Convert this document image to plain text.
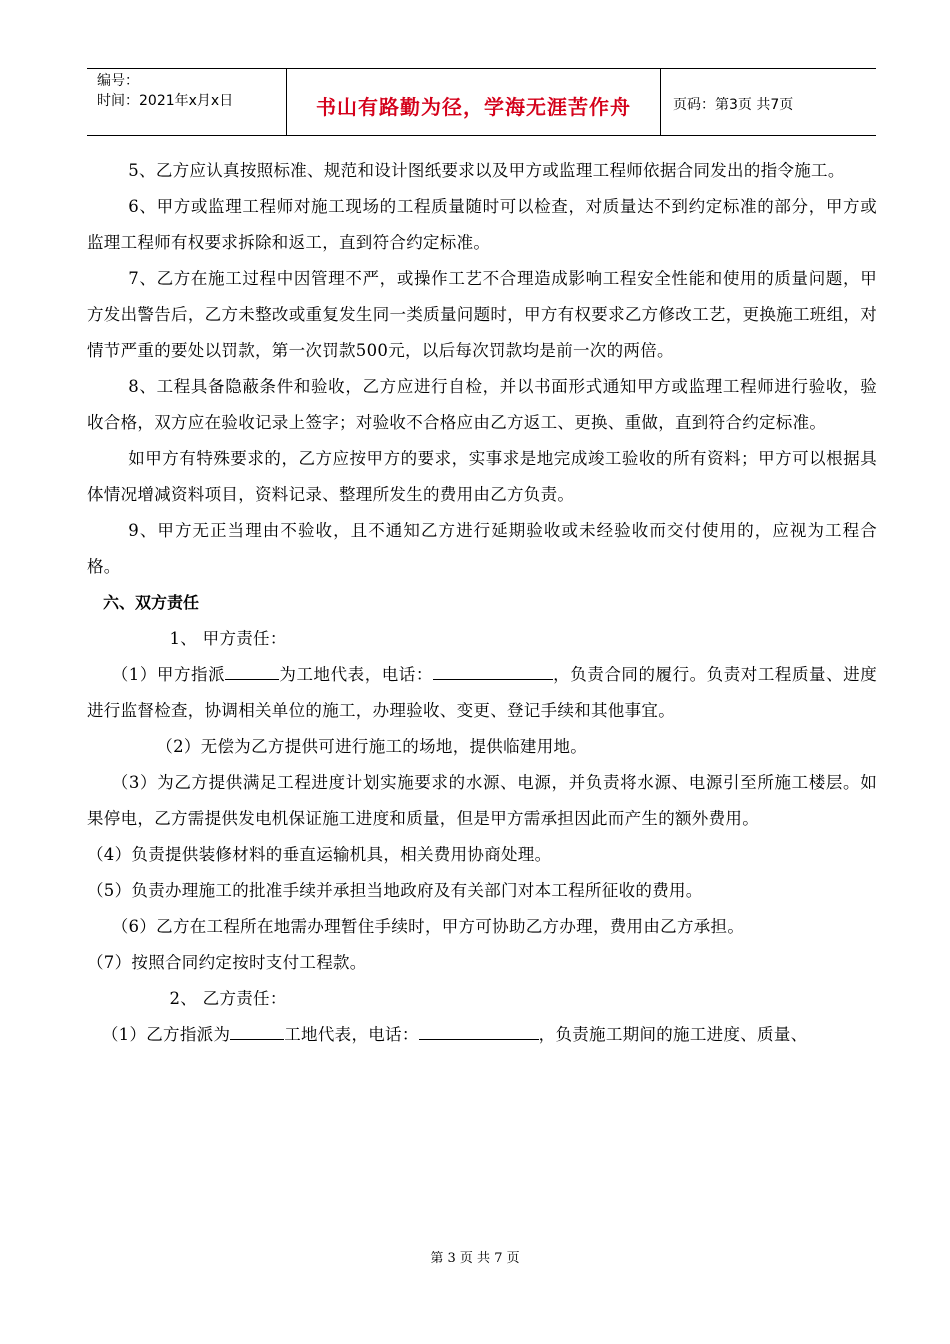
编号：
时间：2021年x月x日	书山有路勤为径，学海无涯苦作舟	页码：第3页 共7页

5、乙方应认真按照标准、规范和设计图纸要求以及甲方或监理工程师依据合同发出的指令施工。

6、甲方或监理工程师对施工现场的工程质量随时可以检查，对质量达不到约定标准的部分，甲方或监理工程师有权要求拆除和返工，直到符合约定标准。

7、乙方在施工过程中因管理不严，或操作工艺不合理造成影响工程安全性能和使用的质量问题，甲方发出警告后，乙方未整改或重复发生同一类质量问题时，甲方有权要求乙方修改工艺，更换施工班组，对情节严重的要处以罚款，第一次罚款500元，以后每次罚款均是前一次的两倍。

8、工程具备隐蔽条件和验收，乙方应进行自检，并以书面形式通知甲方或监理工程师进行验收，验收合格，双方应在验收记录上签字；对验收不合格应由乙方返工、更换、重做，直到符合约定标准。

如甲方有特殊要求的，乙方应按甲方的要求，实事求是地完成竣工验收的所有资料；甲方可以根据具体情况增减资料项目，资料记录、整理所发生的费用由乙方负责。

9、甲方无正当理由不验收，且不通知乙方进行延期验收或未经验收而交付使用的，应视为工程合格。

六、双方责任

1、 甲方责任：

（1）甲方指派	为工地代表，电话：	，负责合同的履行。负责对工程质量、进度进行监督检查，协调相关单位的施工，办理验收、变更、登记手续和其他事宜。

（2）无偿为乙方提供可进行施工的场地，提供临建用地。

（3）为乙方提供满足工程进度计划实施要求的水源、电源，并负责将水源、电源引至所施工楼层。如果停电，乙方需提供发电机保证施工进度和质量，但是甲方需承担因此而产生的额外费用。

（4）负责提供装修材料的垂直运输机具，相关费用协商处理。

（5）负责办理施工的批准手续并承担当地政府及有关部门对本工程所征收的费用。

（6）乙方在工程所在地需办理暂住手续时，甲方可协助乙方办理，费用由乙方承担。

（7）按照合同约定按时支付工程款。

2、 乙方责任：

（1）乙方指派为	工地代表，电话：	，负责施工期间的施工进度、质量、

第 3 页 共 7 页
